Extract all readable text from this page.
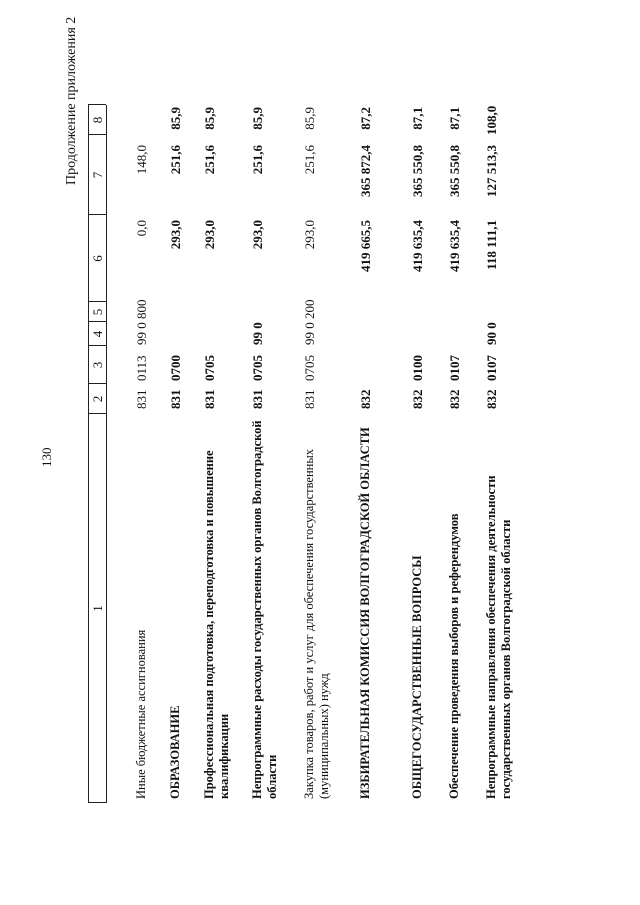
130
Продолжение приложения 2
1
2
3
4
5
6
7
8
Иные бюджетные ассигнования
831
0113
99 0
800
0,0
148,0
ОБРАЗОВАНИЕ
831
0700
293,0
251,6
85,9
Профессиональная подготовка, переподготовка и повышение квалификации
831
0705
293,0
251,6
85,9
Непрограммные расходы государственных органов Волгоградской области
831
0705
99 0
293,0
251,6
85,9
Закупка товаров, работ и услуг для обеспечения государственных (муниципальных) нужд
831
0705
99 0
200
293,0
251,6
85,9
ИЗБИРАТЕЛЬНАЯ КОМИССИЯ ВОЛГОГРАДСКОЙ ОБЛАСТИ
832
419 665,5
365 872,4
87,2
ОБЩЕГОСУДАРСТВЕННЫЕ ВОПРОСЫ
832
0100
419 635,4
365 550,8
87,1
Обеспечение проведения выборов и референдумов
832
0107
419 635,4
365 550,8
87,1
Непрограммные направления обеспечения деятельности государственных органов Волгоградской области
832
0107
90 0
118 111,1
127 513,3
108,0
